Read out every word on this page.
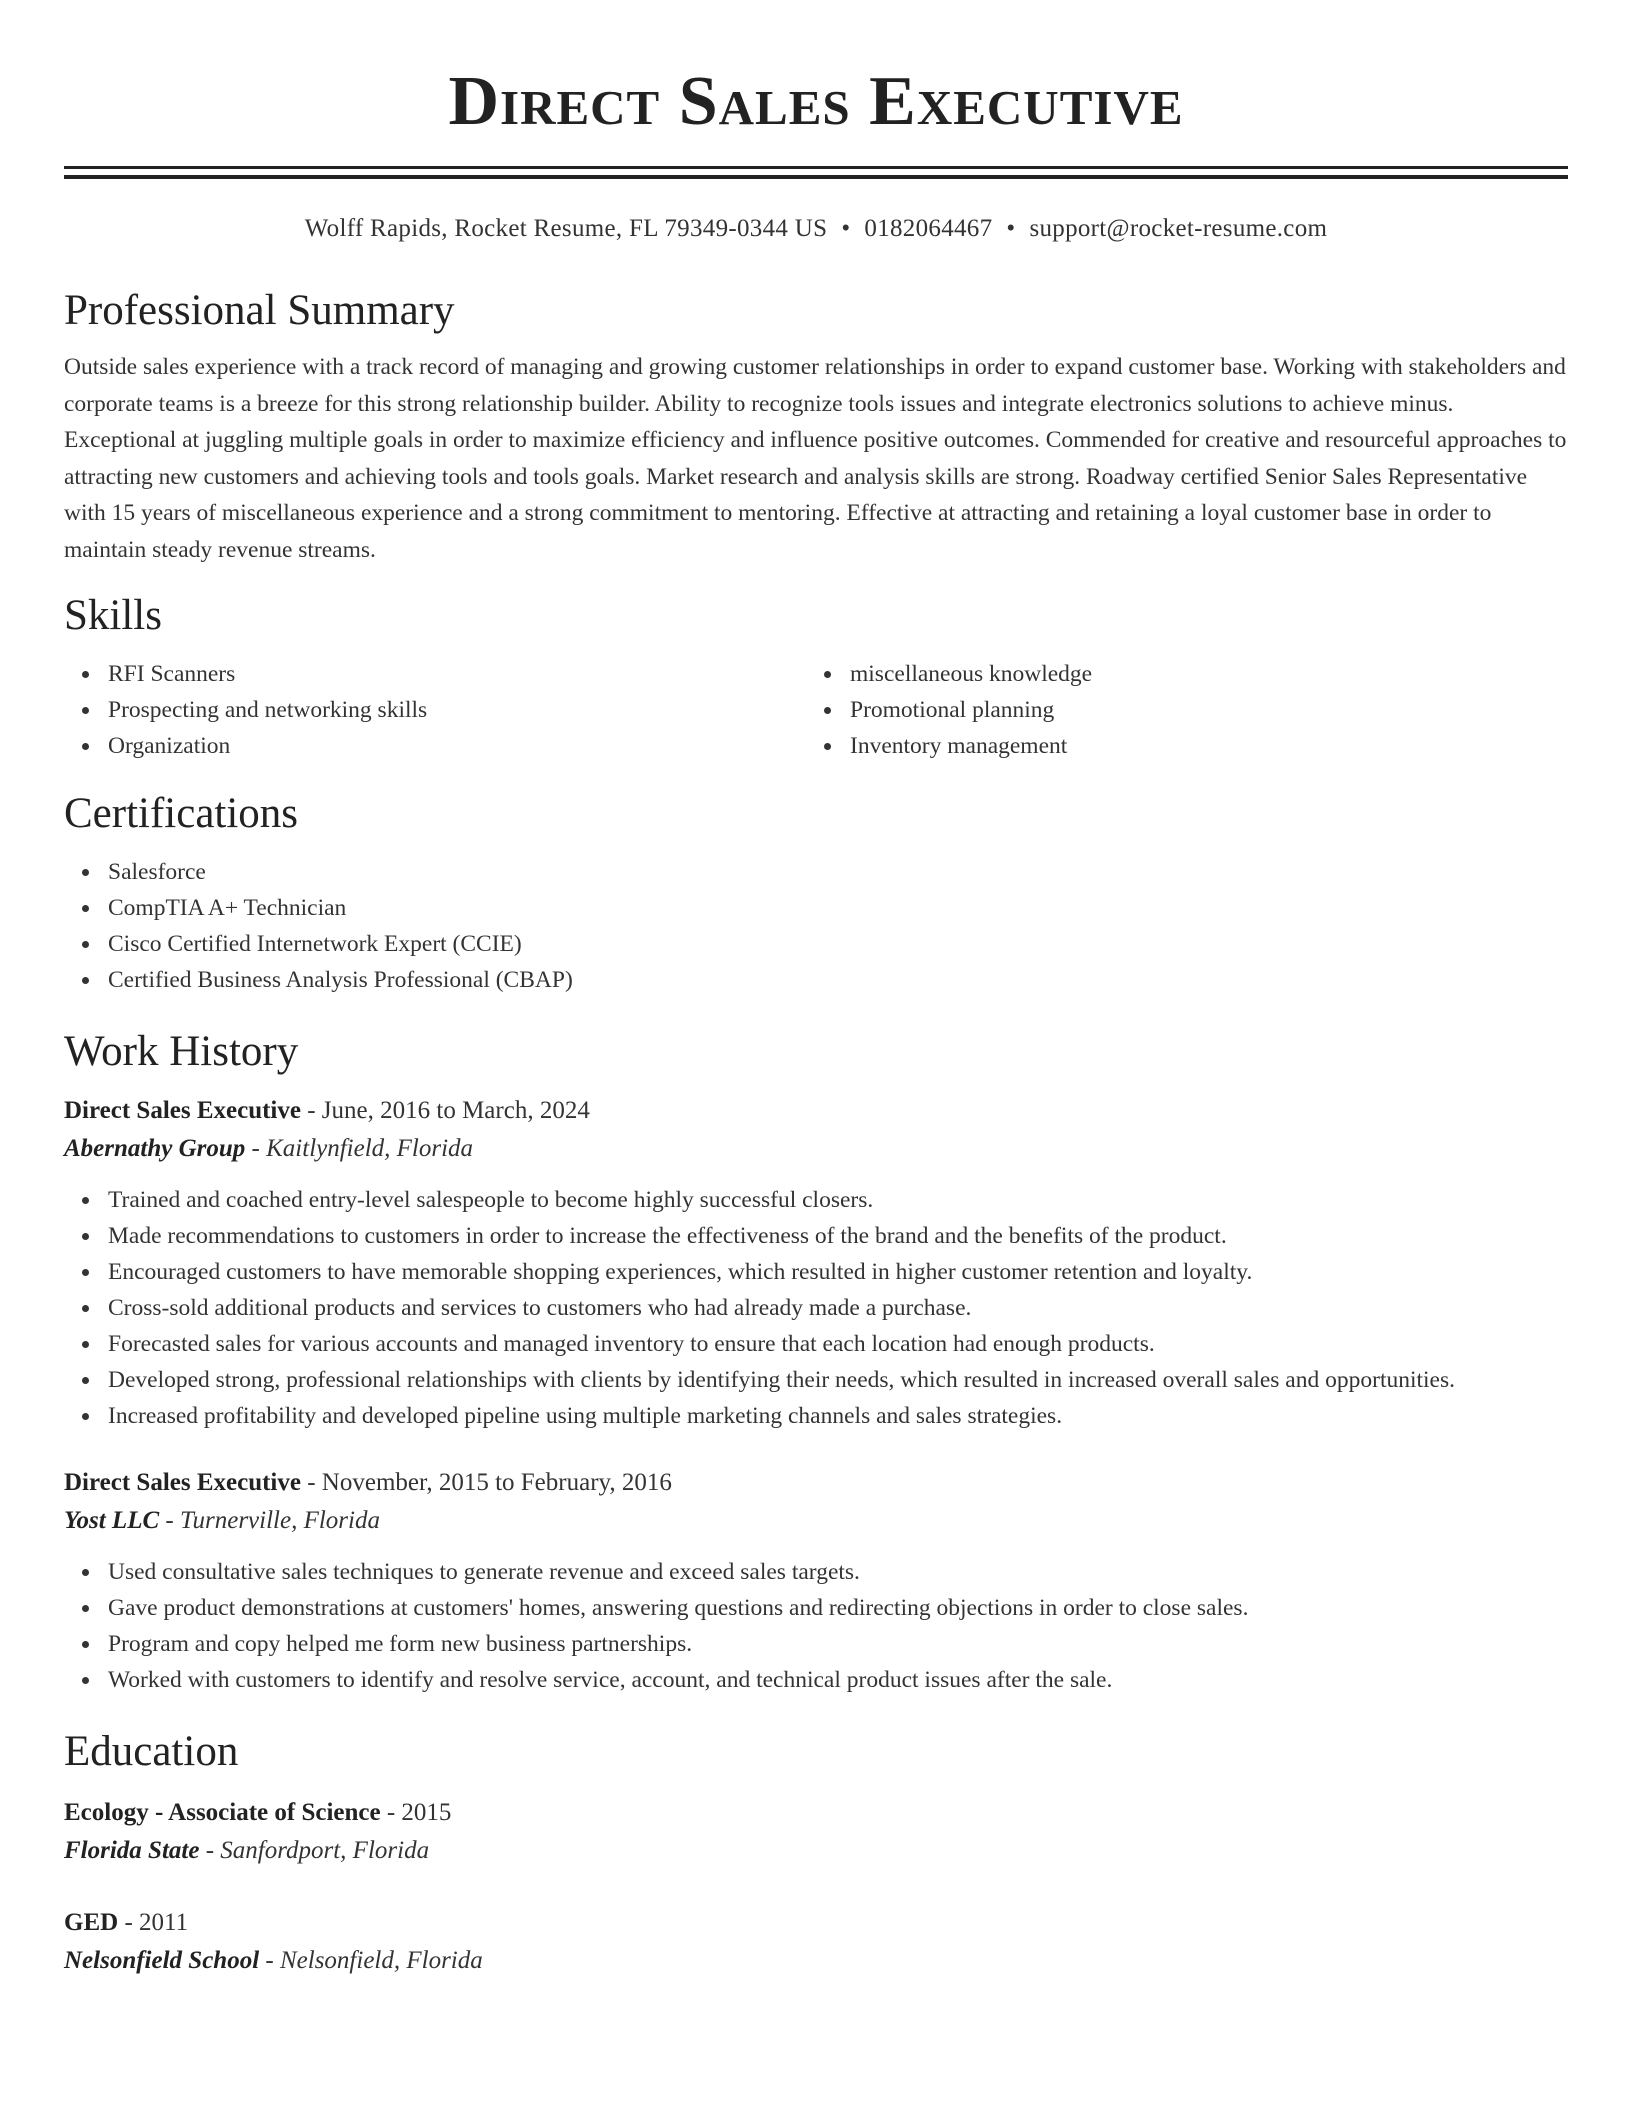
Direct Sales Executive
Wolff Rapids, Rocket Resume, FL 79349-0344 US • 0182064467 • support@rocket-resume.com
Professional Summary

Outside sales experience with a track record of managing and growing customer relationships in order to expand customer base. Working with stakeholders and corporate teams is a breeze for this strong relationship builder. Ability to recognize tools issues and integrate electronics solutions to achieve minus. Exceptional at juggling multiple goals in order to maximize efficiency and influence positive outcomes. Commended for creative and resourceful approaches to attracting new customers and achieving tools and tools goals. Market research and analysis skills are strong. Roadway certified Senior Sales Representative with 15 years of miscellaneous experience and a strong commitment to mentoring. Effective at attracting and retaining a loyal customer base in order to maintain steady revenue streams.

Skills
RFI Scanners
Prospecting and networking skills
Organization
miscellaneous knowledge
Promotional planning
Inventory management
Certifications
Salesforce
CompTIA A+ Technician
Cisco Certified Internetwork Expert (CCIE)
Certified Business Analysis Professional (CBAP)
Work History
Direct Sales Executive - June, 2016 to March, 2024
Abernathy Group - Kaitlynfield, Florida
Trained and coached entry-level salespeople to become highly successful closers.
Made recommendations to customers in order to increase the effectiveness of the brand and the benefits of the product.
Encouraged customers to have memorable shopping experiences, which resulted in higher customer retention and loyalty.
Cross-sold additional products and services to customers who had already made a purchase.
Forecasted sales for various accounts and managed inventory to ensure that each location had enough products.
Developed strong, professional relationships with clients by identifying their needs, which resulted in increased overall sales and opportunities.
Increased profitability and developed pipeline using multiple marketing channels and sales strategies.
Direct Sales Executive - November, 2015 to February, 2016
Yost LLC - Turnerville, Florida
Used consultative sales techniques to generate revenue and exceed sales targets.
Gave product demonstrations at customers' homes, answering questions and redirecting objections in order to close sales.
Program and copy helped me form new business partnerships.
Worked with customers to identify and resolve service, account, and technical product issues after the sale.
Education
Ecology - Associate of Science - 2015
Florida State - Sanfordport, Florida
GED - 2011
Nelsonfield School - Nelsonfield, Florida
